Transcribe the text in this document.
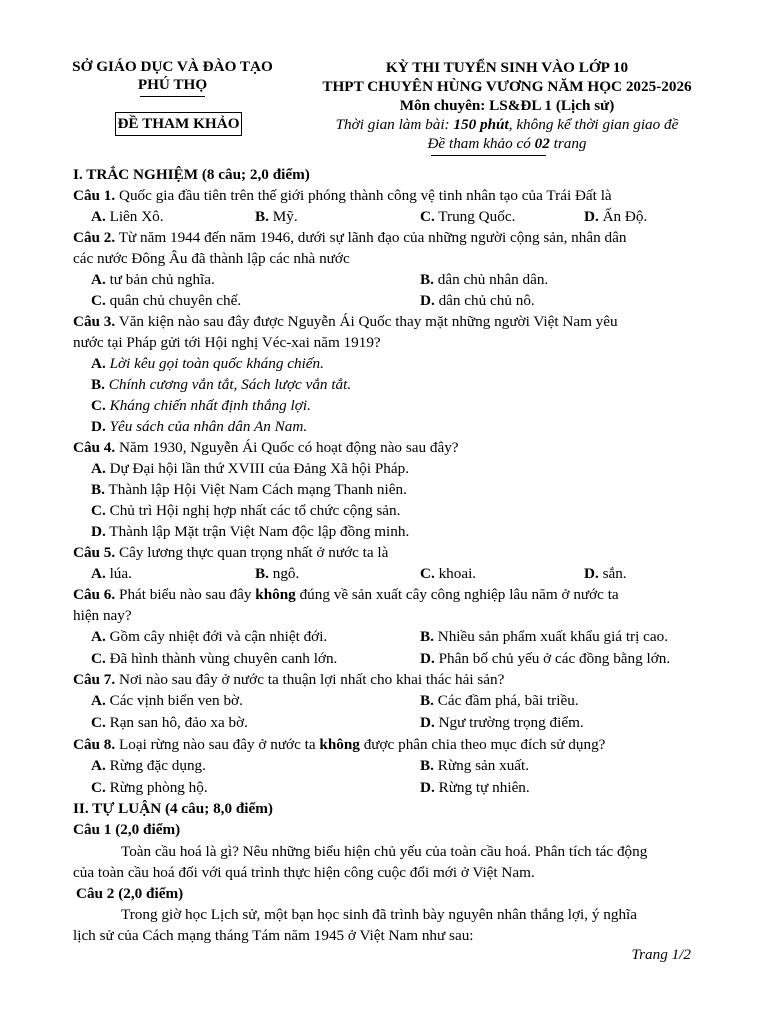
SỞ GIÁO DỤC VÀ ĐÀO TẠO
PHÚ THỌ
ĐỀ THAM KHẢO
KỲ THI TUYỂN SINH VÀO LỚP 10
THPT CHUYÊN HÙNG VƯƠNG NĂM HỌC 2025-2026
Môn chuyên: LS&ĐL 1 (Lịch sử)
Thời gian làm bài: 150 phút, không kể thời gian giao đề
Đề tham khảo có 02 trang
I. TRẮC NGHIỆM (8 câu; 2,0 điểm)
Câu 1. Quốc gia đầu tiên trên thế giới phóng thành công vệ tinh nhân tạo của Trái Đất là
A. Liên Xô.	B. Mỹ.	C. Trung Quốc.	D. Ấn Độ.
Câu 2. Từ năm 1944 đến năm 1946, dưới sự lãnh đạo của những người cộng sản, nhân dân
các nước Đông Âu đã thành lập các nhà nước
A. tư bản chủ nghĩa.	B. dân chủ nhân dân.
C. quân chủ chuyên chế.	D. dân chủ chủ nô.
Câu 3. Văn kiện nào sau đây được Nguyễn Ái Quốc thay mặt những người Việt Nam yêu
nước tại Pháp gửi tới Hội nghị Véc-xai năm 1919?
A. Lời kêu gọi toàn quốc kháng chiến.
B. Chính cương vắn tắt, Sách lược vắn tắt.
C. Kháng chiến nhất định thắng lợi.
D. Yêu sách của nhân dân An Nam.
Câu 4. Năm 1930, Nguyễn Ái Quốc có hoạt động nào sau đây?
A. Dự Đại hội lần thứ XVIII của Đảng Xã hội Pháp.
B. Thành lập Hội Việt Nam Cách mạng Thanh niên.
C. Chủ trì Hội nghị hợp nhất các tổ chức cộng sản.
D. Thành lập Mặt trận Việt Nam độc lập đồng minh.
Câu 5. Cây lương thực quan trọng nhất ở nước ta là
A. lúa.	B. ngô.	C. khoai.	D. sắn.
Câu 6. Phát biểu nào sau đây không đúng về sản xuất cây công nghiệp lâu năm ở nước ta
hiện nay?
A. Gồm cây nhiệt đới và cận nhiệt đới.	B. Nhiều sản phẩm xuất khẩu giá trị cao.
C. Đã hình thành vùng chuyên canh lớn.	D. Phân bố chủ yếu ở các đồng bằng lớn.
Câu 7. Nơi nào sau đây ở nước ta thuận lợi nhất cho khai thác hải sản?
A. Các vịnh biển ven bờ.	B. Các đầm phá, bãi triều.
C. Rạn san hô, đảo xa bờ.	D. Ngư trường trọng điểm.
Câu 8. Loại rừng nào sau đây ở nước ta không được phân chia theo mục đích sử dụng?
A. Rừng đặc dụng.	B. Rừng sản xuất.
C. Rừng phòng hộ.	D. Rừng tự nhiên.
II. TỰ LUẬN (4 câu; 8,0 điểm)
Câu 1 (2,0 điểm)
Toàn cầu hoá là gì? Nêu những biểu hiện chủ yếu của toàn cầu hoá. Phân tích tác động
của toàn cầu hoá đối với quá trình thực hiện công cuộc đổi mới ở Việt Nam.
Câu 2 (2,0 điểm)
Trong giờ học Lịch sử, một bạn học sinh đã trình bày nguyên nhân thắng lợi, ý nghĩa
lịch sử của Cách mạng tháng Tám năm 1945 ở Việt Nam như sau:
Trang 1/2
